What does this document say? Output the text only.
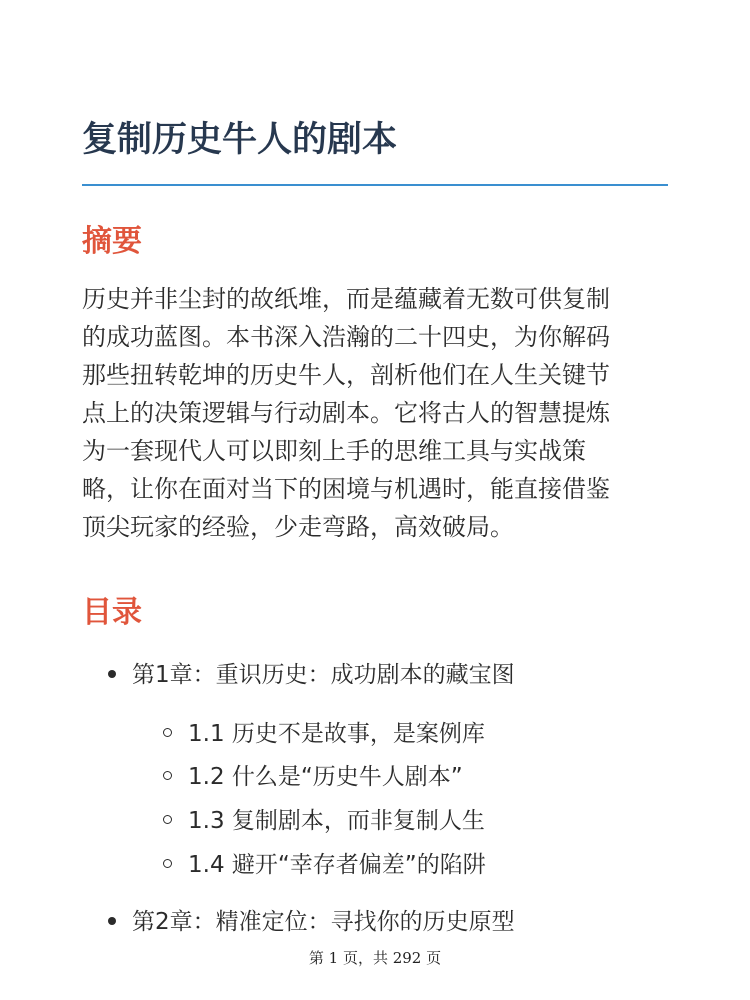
复制历史牛人的剧本
摘要
历史并非尘封的故纸堆，而是蕴藏着无数可供复制
的成功蓝图。本书深入浩瀚的二十四史，为你解码
那些扭转乾坤的历史牛人，剖析他们在人生关键节
点上的决策逻辑与行动剧本。它将古人的智慧提炼
为一套现代人可以即刻上手的思维工具与实战策
略，让你在面对当下的困境与机遇时，能直接借鉴
顶尖玩家的经验，少走弯路，高效破局。
目录
第1章：重识历史：成功剧本的藏宝图
1.1 历史不是故事，是案例库
1.2 什么是“历史牛人剧本”
1.3 复制剧本，而非复制人生
1.4 避开“幸存者偏差”的陷阱
第2章：精准定位：寻找你的历史原型
第 1 页，共 292 页
